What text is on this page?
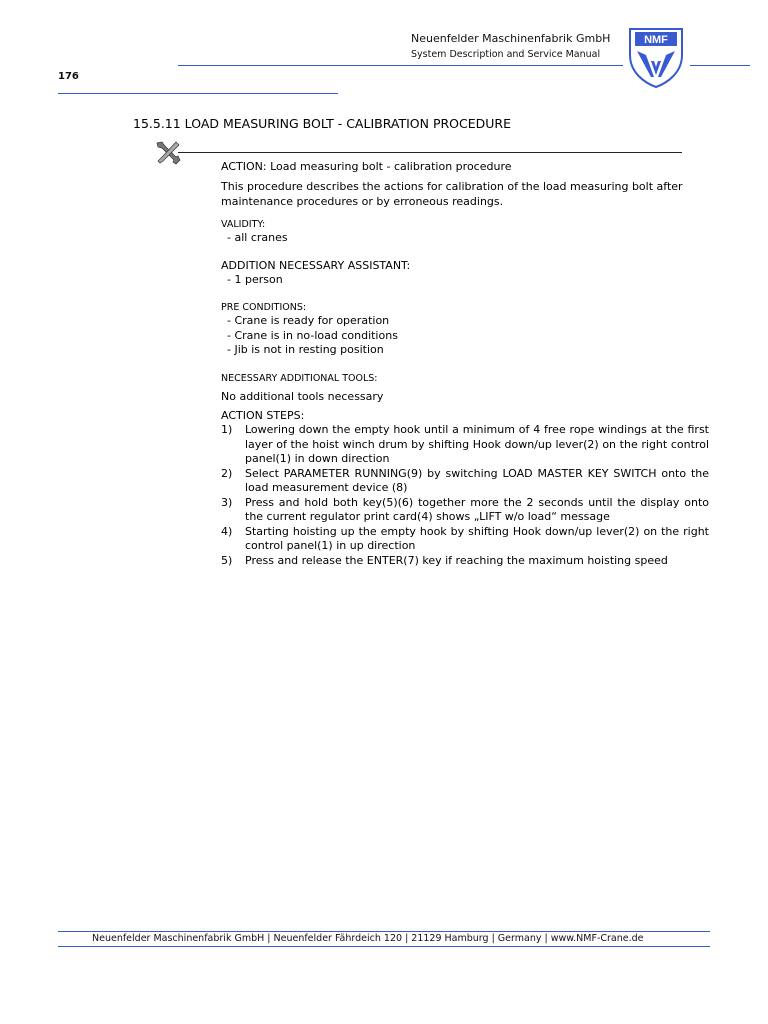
Neuenfelder Maschinenfabrik GmbH
System Description and Service Manual
176
NMF
15.5.11 LOAD MEASURING BOLT - CALIBRATION PROCEDURE
ACTION: Load measuring bolt - calibration procedure
This procedure describes the actions for calibration of the load measuring bolt after maintenance procedures or by erroneous readings.
VALIDITY:
- all cranes
ADDITION NECESSARY ASSISTANT:
- 1 person
PRE CONDITIONS:
- Crane is ready for operation
- Crane is in no-load conditions
- Jib is not in resting position
NECESSARY ADDITIONAL TOOLS:
No additional tools necessary
ACTION STEPS:
1) Lowering down the empty hook until a minimum of 4 free rope windings at the first layer of the hoist winch drum by shifting Hook down/up lever(2) on the right control panel(1) in down direction
2) Select PARAMETER RUNNING(9) by switching LOAD MASTER KEY SWITCH onto the load measurement device (8)
3) Press and hold both key(5)(6) together more the 2 seconds until the display onto the current regulator print card(4) shows „LIFT w/o load“ message
4) Starting hoisting up the empty hook by shifting Hook down/up lever(2) on the right control panel(1) in up direction
5) Press and release the ENTER(7) key if reaching the maximum hoisting speed
Neuenfelder Maschinenfabrik GmbH | Neuenfelder Fährdeich 120 | 21129 Hamburg | Germany | www.NMF-Crane.de
